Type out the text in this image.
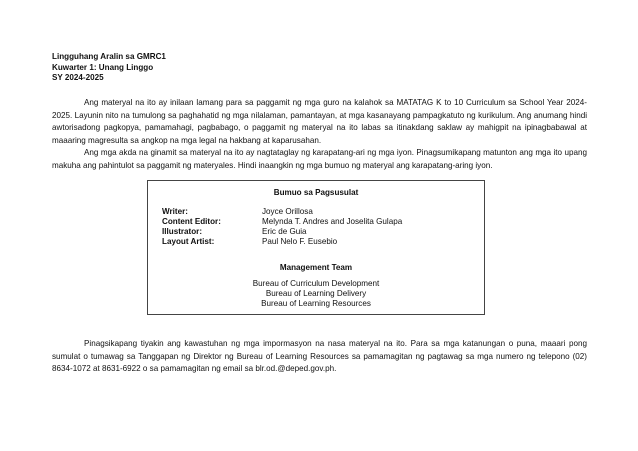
Lingguhang Aralin sa GMRC1
Kuwarter 1: Unang Linggo
SY 2024-2025

Ang materyal na ito ay inilaan lamang para sa paggamit ng mga guro na kalahok sa MATATAG K to 10 Curriculum sa School Year 2024-2025. Layunin nito na tumulong sa paghahatid ng mga nilalaman, pamantayan, at mga kasanayang pampagkatuto ng kurikulum. Ang anumang hindi awtorisadong pagkopya, pamamahagi, pagbabago, o paggamit ng materyal na ito labas sa itinakdang saklaw ay mahigpit na ipinagbabawal at maaaring magresulta sa angkop na mga legal na hakbang at kaparusahan.

Ang mga akda na ginamit sa materyal na ito ay nagtataglay ng karapatang-ari ng mga iyon. Pinagsumikapang matunton ang mga ito upang makuha ang pahintulot sa paggamit ng materyales. Hindi inaangkin ng mga bumuo ng materyal ang karapatang-aring iyon.

Bumuo sa Pagsusulat
Writer:	Joyce Orillosa
Content Editor:	Melynda T. Andres and Joselita Gulapa
Illustrator:	Eric de Guia
Layout Artist:	Paul Nelo F. Eusebio
Management Team
Bureau of Curriculum Development
Bureau of Learning Delivery
Bureau of Learning Resources

Pinagsikapang tiyakin ang kawastuhan ng mga impormasyon na nasa materyal na ito. Para sa mga katanungan o puna, maaari pong sumulat o tumawag sa Tanggapan ng Direktor ng Bureau of Learning Resources sa pamamagitan ng pagtawag sa mga numero ng telepono (02) 8634-1072 at 8631-6922 o sa pamamagitan ng email sa blr.od.@deped.gov.ph.
